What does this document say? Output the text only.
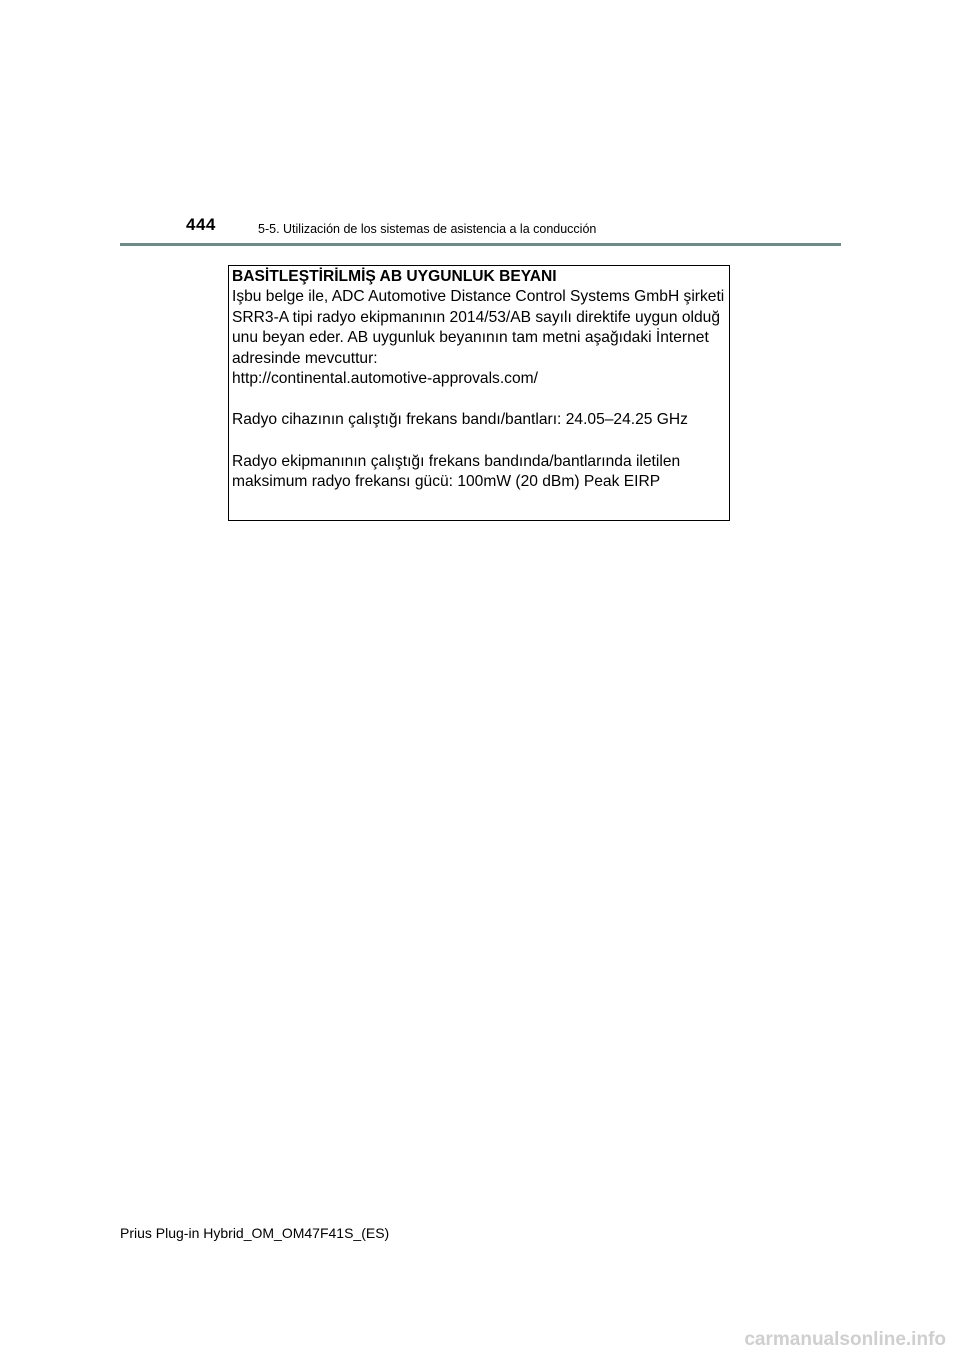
444	5-5. Utilización de los sistemas de asistencia a la conducción
BASİTLEŞTİRİLMİŞ AB UYGUNLUK BEYANI
Işbu belge ile, ADC Automotive Distance Control Systems GmbH şirketi
SRR3-A tipi radyo ekipmanının 2014/53/AB sayılı direktife uygun olduğ
unu beyan eder. AB uygunluk beyanının tam metni aşağıdaki İnternet
adresinde mevcuttur:
http://continental.automotive-approvals.com/
Radyo cihazının çalıştığı frekans bandı/bantları: 24.05–24.25 GHz
Radyo ekipmanının çalıştığı frekans bandında/bantlarında iletilen
maksimum radyo frekansı gücü: 100mW (20 dBm) Peak EIRP
Prius Plug-in Hybrid_OM_OM47F41S_(ES)
carmanualsonline.info
